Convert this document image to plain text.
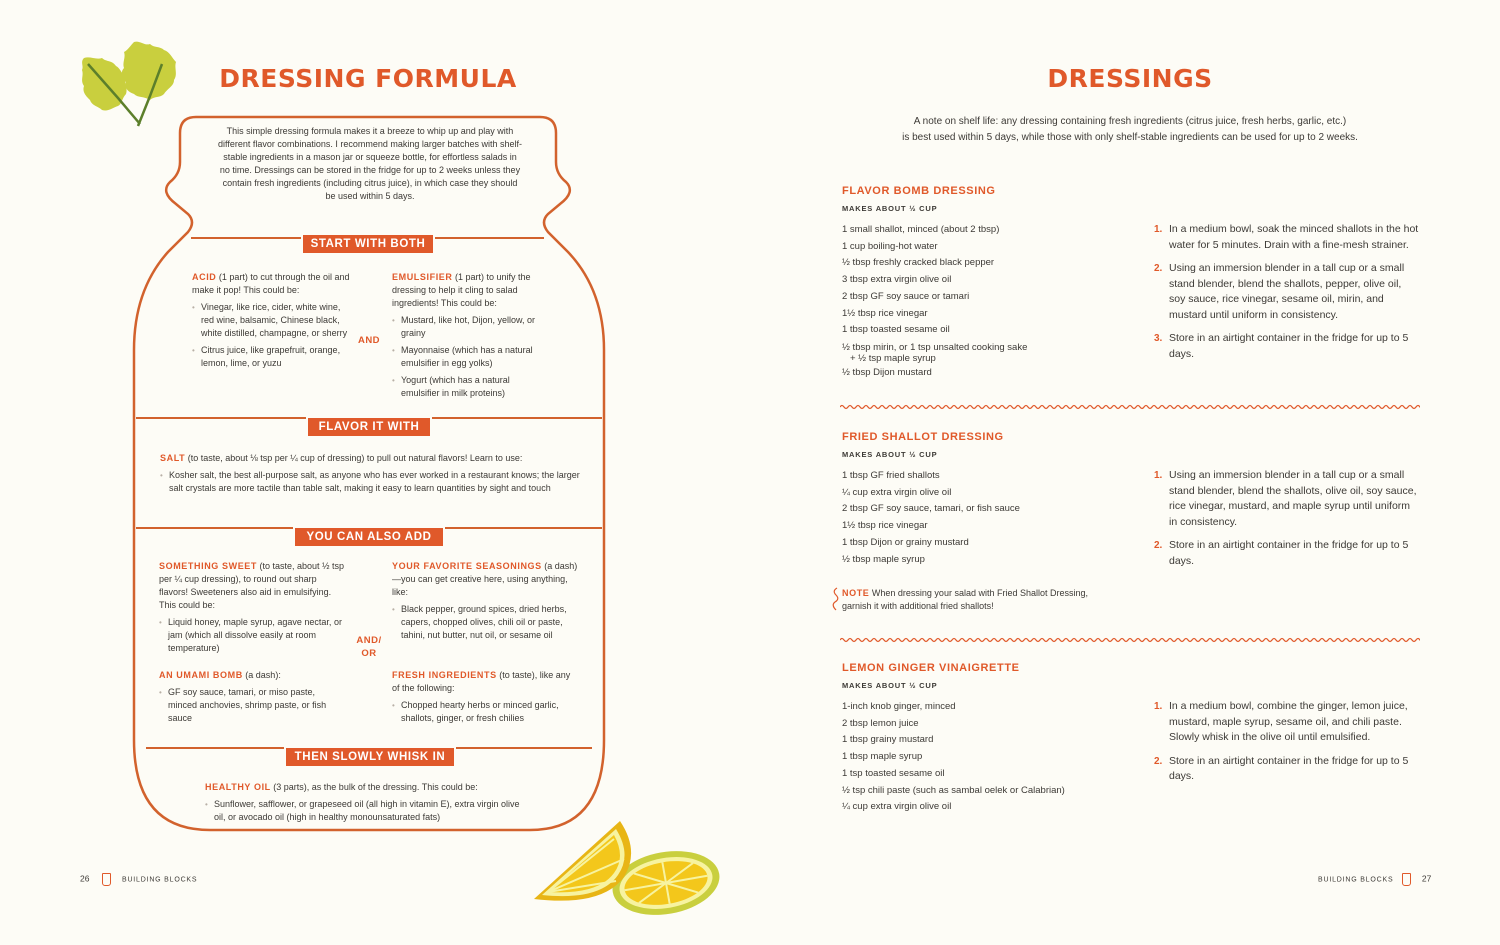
DRESSING FORMULA
This simple dressing formula makes it a breeze to whip up and play with different flavor combinations. I recommend making larger batches with shelf-stable ingredients in a mason jar or squeeze bottle, for effortless salads in no time. Dressings can be stored in the fridge for up to 2 weeks unless they contain fresh ingredients (including citrus juice), in which case they should be used within 5 days.
START WITH BOTH
ACID (1 part) to cut through the oil and make it pop! This could be:
• Vinegar, like rice, cider, white wine, red wine, balsamic, Chinese black, white distilled, champagne, or sherry
• Citrus juice, like grapefruit, orange, lemon, lime, or yuzu
AND
EMULSIFIER (1 part) to unify the dressing to help it cling to salad ingredients! This could be:
• Mustard, like hot, Dijon, yellow, or grainy
• Mayonnaise (which has a natural emulsifier in egg yolks)
• Yogurt (which has a natural emulsifier in milk proteins)
FLAVOR IT WITH
SALT (to taste, about ⅛ tsp per ¼ cup of dressing) to pull out natural flavors! Learn to use:
• Kosher salt, the best all-purpose salt, as anyone who has ever worked in a restaurant knows; the larger salt crystals are more tactile than table salt, making it easy to learn quantities by sight and touch
YOU CAN ALSO ADD
SOMETHING SWEET (to taste, about ½ tsp per ¼ cup dressing), to round out sharp flavors! Sweeteners also aid in emulsifying. This could be:
• Liquid honey, maple syrup, agave nectar, or jam (which all dissolve easily at room temperature)
AN UMAMI BOMB (a dash):
• GF soy sauce, tamari, or miso paste, minced anchovies, shrimp paste, or fish sauce
AND/
OR
YOUR FAVORITE SEASONINGS (a dash)—you can get creative here, using anything, like:
• Black pepper, ground spices, dried herbs, capers, chopped olives, chili oil or paste, tahini, nut butter, nut oil, or sesame oil
FRESH INGREDIENTS (to taste), like any of the following:
• Chopped hearty herbs or minced garlic, shallots, ginger, or fresh chilies
THEN SLOWLY WHISK IN
HEALTHY OIL (3 parts), as the bulk of the dressing. This could be:
• Sunflower, safflower, or grapeseed oil (all high in vitamin E), extra virgin olive oil, or avocado oil (high in healthy monounsaturated fats)
26	BUILDING BLOCKS
DRESSINGS
A note on shelf life: any dressing containing fresh ingredients (citrus juice, fresh herbs, garlic, etc.)
is best used within 5 days, while those with only shelf-stable ingredients can be used for up to 2 weeks.
FLAVOR BOMB DRESSING
MAKES ABOUT ½ CUP
1 small shallot, minced (about 2 tbsp)
1 cup boiling-hot water
½ tbsp freshly cracked black pepper
3 tbsp extra virgin olive oil
2 tbsp GF soy sauce or tamari
1½ tbsp rice vinegar
1 tbsp toasted sesame oil
½ tbsp mirin, or 1 tsp unsalted cooking sake
+ ½ tsp maple syrup
½ tbsp Dijon mustard
1. In a medium bowl, soak the minced shallots in the hot water for 5 minutes. Drain with a fine-mesh strainer.
2. Using an immersion blender in a tall cup or a small stand blender, blend the shallots, pepper, olive oil, soy sauce, rice vinegar, sesame oil, mirin, and mustard until uniform in consistency.
3. Store in an airtight container in the fridge for up to 5 days.
FRIED SHALLOT DRESSING
MAKES ABOUT ½ CUP
1 tbsp GF fried shallots
¼ cup extra virgin olive oil
2 tbsp GF soy sauce, tamari, or fish sauce
1½ tbsp rice vinegar
1 tbsp Dijon or grainy mustard
½ tbsp maple syrup
1. Using an immersion blender in a tall cup or a small stand blender, blend the shallots, olive oil, soy sauce, rice vinegar, mustard, and maple syrup until uniform in consistency.
2. Store in an airtight container in the fridge for up to 5 days.
NOTE When dressing your salad with Fried Shallot Dressing, garnish it with additional fried shallots!
LEMON GINGER VINAIGRETTE
MAKES ABOUT ½ CUP
1-inch knob ginger, minced
2 tbsp lemon juice
1 tbsp grainy mustard
1 tbsp maple syrup
1 tsp toasted sesame oil
½ tsp chili paste (such as sambal oelek or Calabrian)
¼ cup extra virgin olive oil
1. In a medium bowl, combine the ginger, lemon juice, mustard, maple syrup, sesame oil, and chili paste. Slowly whisk in the olive oil until emulsified.
2. Store in an airtight container in the fridge for up to 5 days.
BUILDING BLOCKS	27
